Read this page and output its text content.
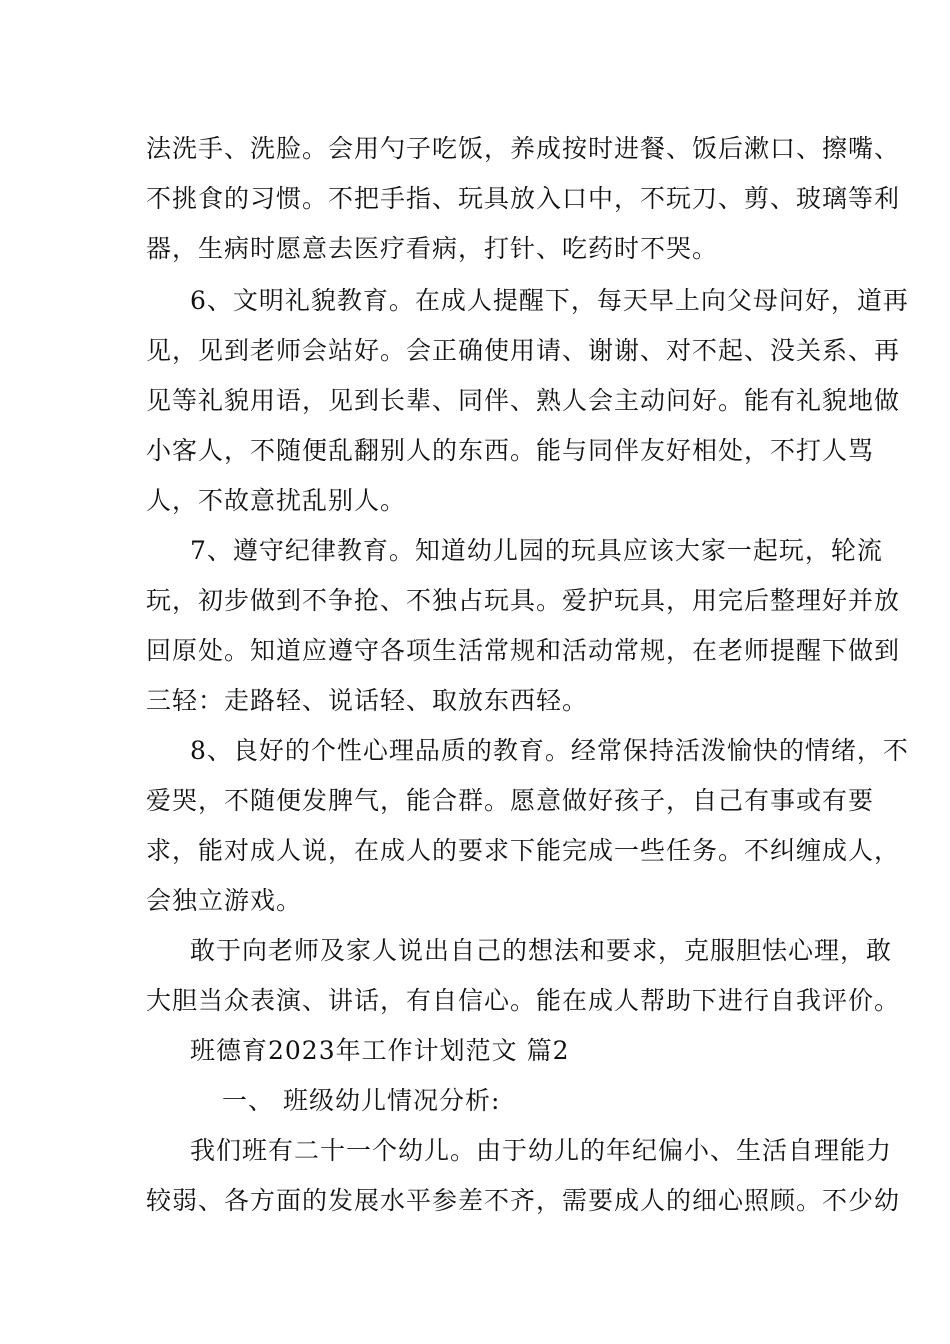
法洗手、洗脸。会用勺子吃饭，养成按时进餐、饭后漱口、擦嘴、
不挑食的习惯。不把手指、玩具放入口中，不玩刀、剪、玻璃等利
器，生病时愿意去医疗看病，打针、吃药时不哭。
6、文明礼貌教育。在成人提醒下，每天早上向父母问好，道再
见，见到老师会站好。会正确使用请、谢谢、对不起、没关系、再
见等礼貌用语，见到长辈、同伴、熟人会主动问好。能有礼貌地做
小客人，不随便乱翻别人的东西。能与同伴友好相处，不打人骂
人，不故意扰乱别人。
7、遵守纪律教育。知道幼儿园的玩具应该大家一起玩，轮流
玩，初步做到不争抢、不独占玩具。爱护玩具，用完后整理好并放
回原处。知道应遵守各项生活常规和活动常规，在老师提醒下做到
三轻：走路轻、说话轻、取放东西轻。
8、良好的个性心理品质的教育。经常保持活泼愉快的情绪，不
爱哭，不随便发脾气，能合群。愿意做好孩子，自己有事或有要
求，能对成人说，在成人的要求下能完成一些任务。不纠缠成人，
会独立游戏。
敢于向老师及家人说出自己的想法和要求，克服胆怯心理，敢
大胆当众表演、讲话，有自信心。能在成人帮助下进行自我评价。
班德育2023年工作计划范文 篇2
一、 班级幼儿情况分析:
我们班有二十一个幼儿。由于幼儿的年纪偏小、生活自理能力
较弱、各方面的发展水平参差不齐，需要成人的细心照顾。不少幼
